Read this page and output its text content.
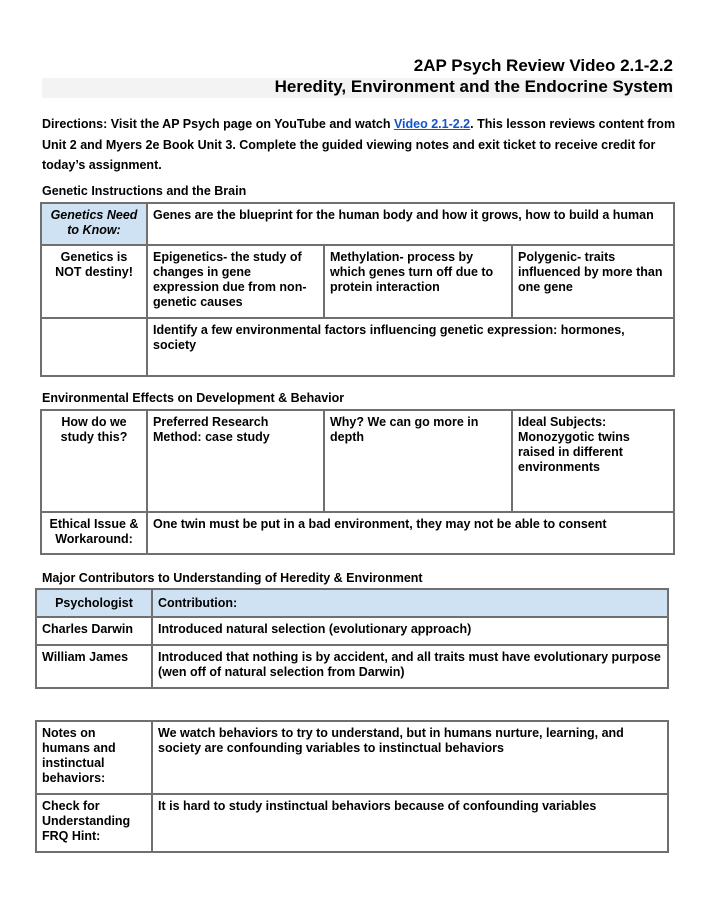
2AP Psych Review Video 2.1-2.2
Heredity, Environment and the Endocrine System
Directions: Visit the AP Psych page on YouTube and watch Video 2.1-2.2. This lesson reviews content from Unit 2 and Myers 2e Book Unit 3. Complete the guided viewing notes and exit ticket to receive credit for today’s assignment.
Genetic Instructions and the Brain
Genetics Need to Know:	Genes are the blueprint for the human body and how it grows, how to build a human		
Genetics is NOT destiny!	Epigenetics- the study of changes in gene expression due from non-genetic causes	Methylation- process by which genes turn off due to protein interaction	Polygenic- traits influenced by more than one gene
	Identify a few environmental factors influencing genetic expression: hormones, society		
Environmental Effects on Development & Behavior
How do we study this?	Preferred Research Method: case study	Why? We can go more in depth	Ideal Subjects: Monozygotic twins raised in different environments
Ethical Issue & Workaround:	One twin must be put in a bad environment, they may not be able to consent		
Major Contributors to Understanding of Heredity & Environment
Psychologist	Contribution:
Charles Darwin	Introduced natural selection (evolutionary approach)
William James	Introduced that nothing is by accident, and all traits must have evolutionary purpose (wen off of natural selection from Darwin)
Notes on humans and instinctual behaviors:	We watch behaviors to try to understand, but in humans nurture, learning, and society are confounding variables to instinctual behaviors
Check for Understanding FRQ Hint:	It is hard to study instinctual behaviors because of confounding variables
